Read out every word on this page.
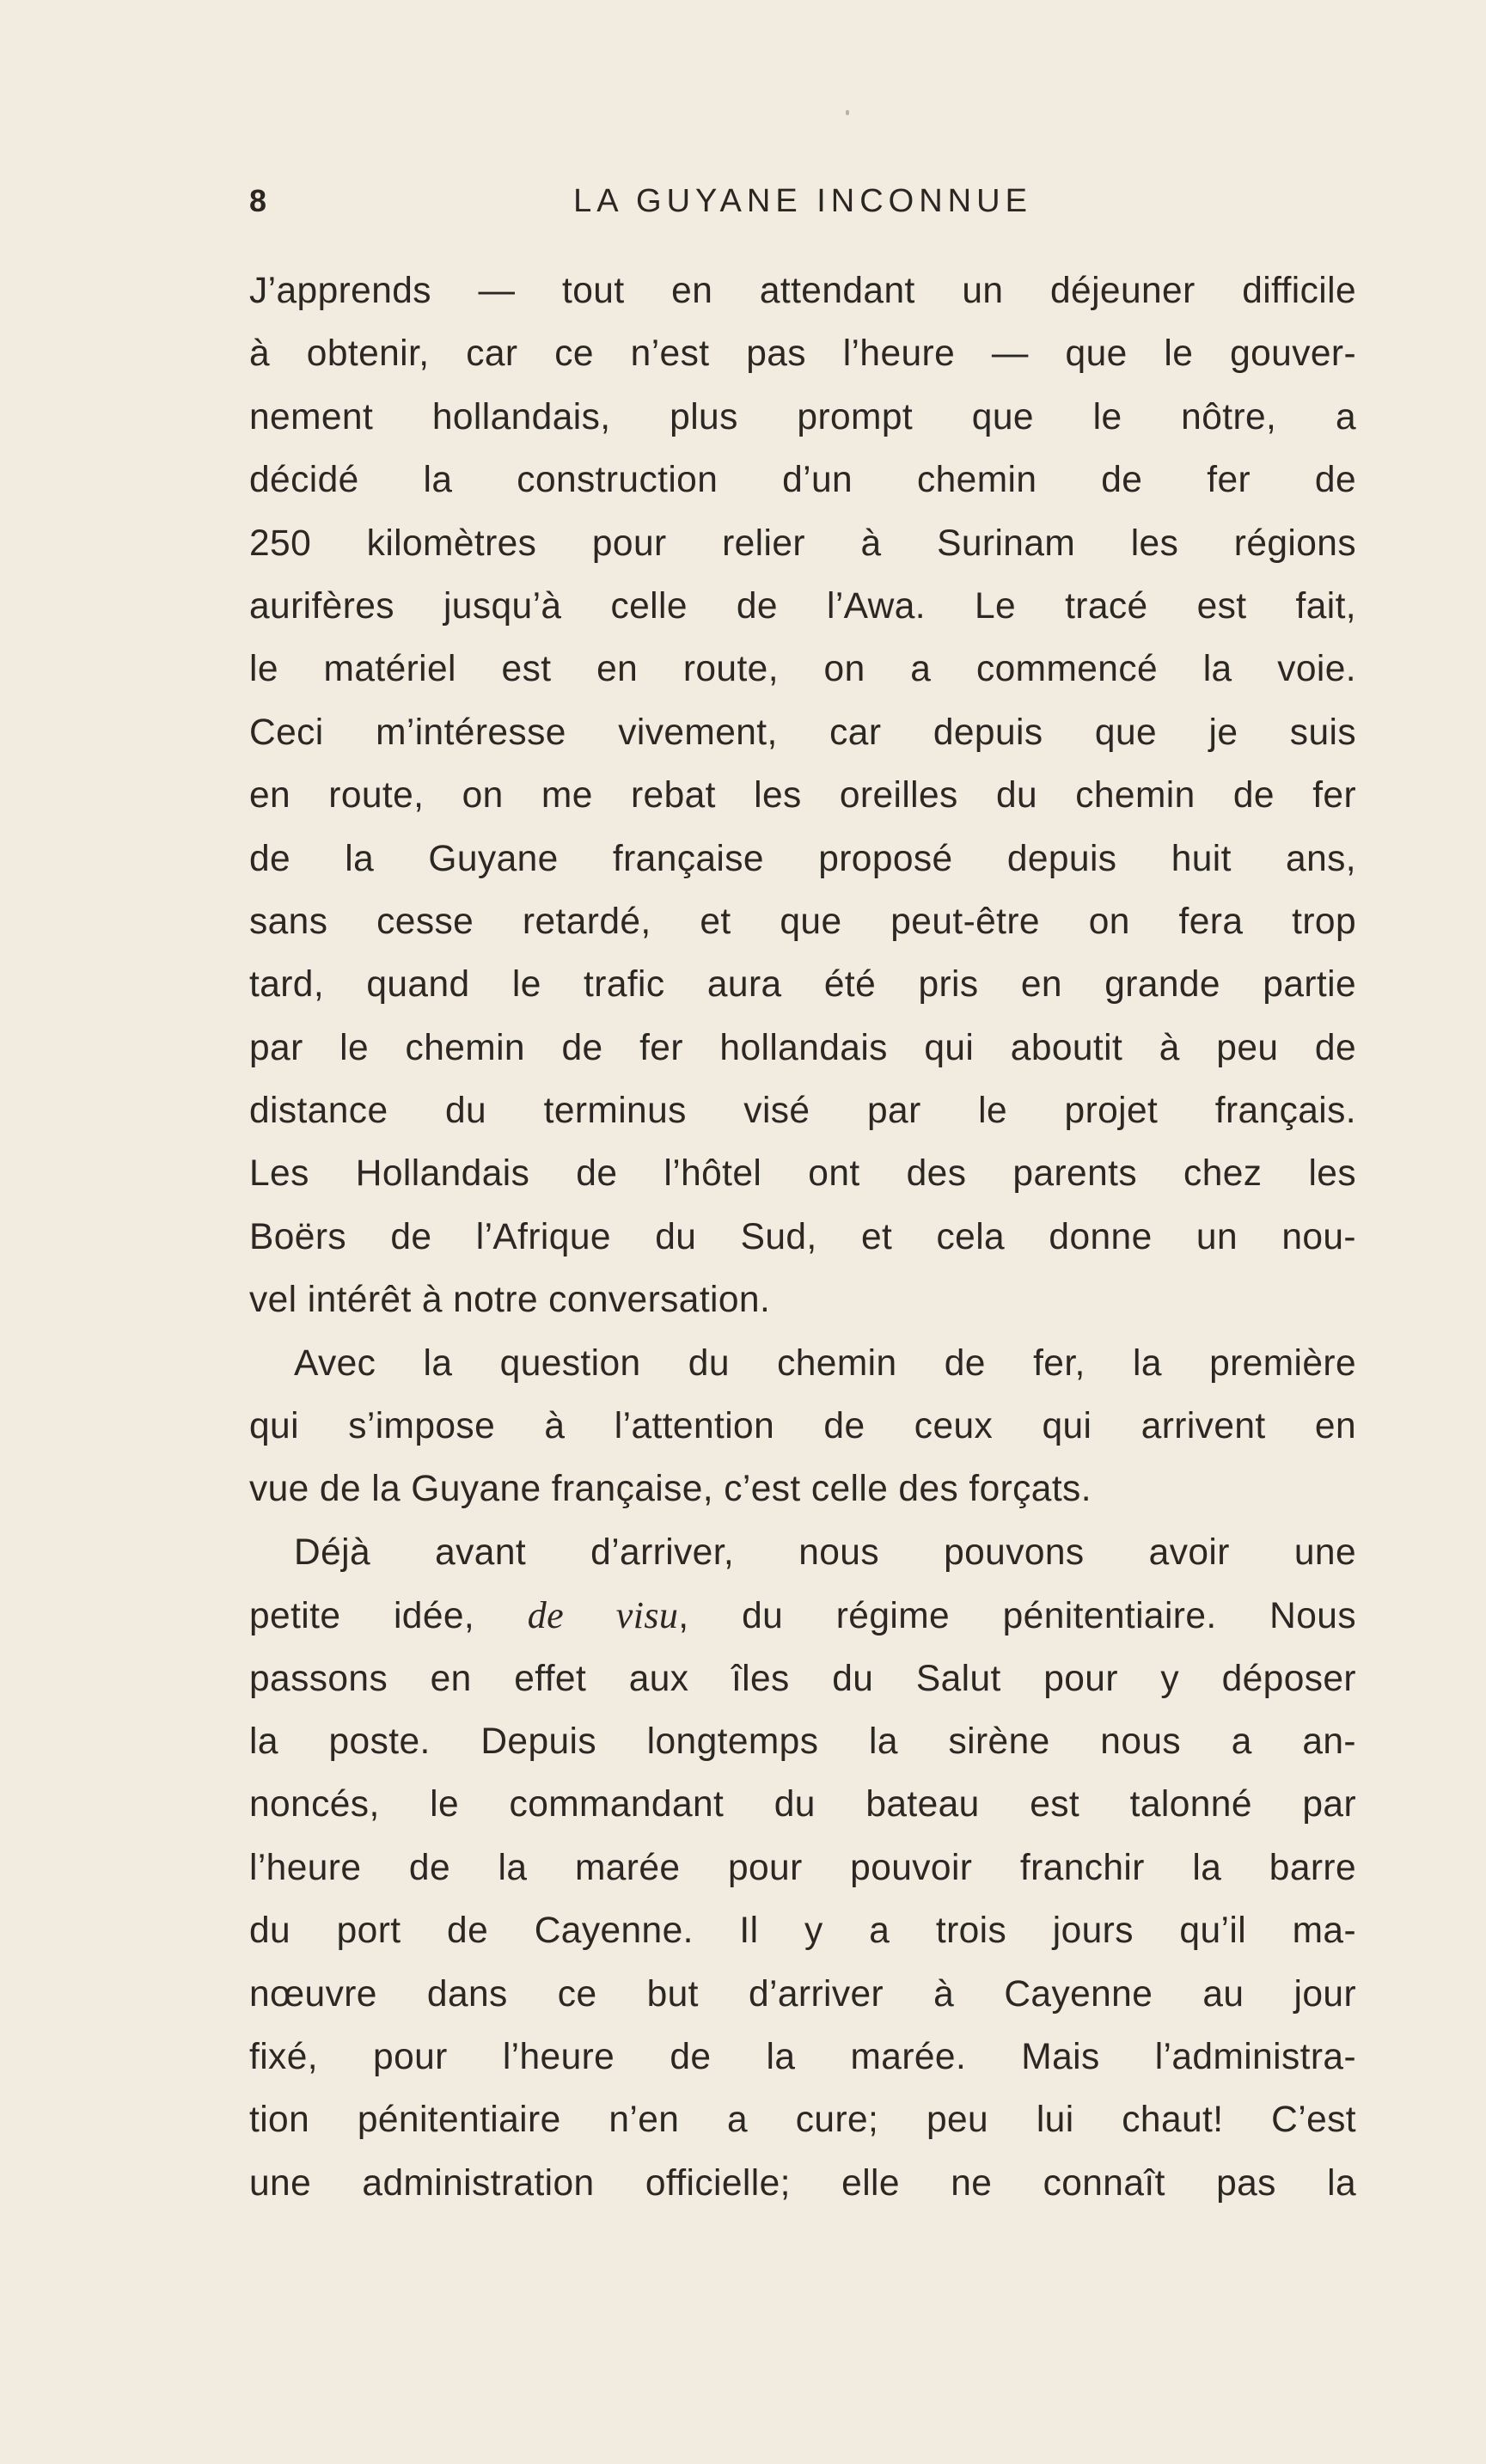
8	LA GUYANE INCONNUE
J’apprends — tout en attendant un déjeuner difficile
à obtenir, car ce n’est pas l’heure — que le gouver-
nement hollandais, plus prompt que le nôtre, a
décidé la construction d’un chemin de fer de
250 kilomètres pour relier à Surinam les régions
aurifères jusqu’à celle de l’Awa. Le tracé est fait,
le matériel est en route, on a commencé la voie.
Ceci m’intéresse vivement, car depuis que je suis
en route, on me rebat les oreilles du chemin de fer
de la Guyane française proposé depuis huit ans,
sans cesse retardé, et que peut-être on fera trop
tard, quand le trafic aura été pris en grande partie
par le chemin de fer hollandais qui aboutit à peu de
distance du terminus visé par le projet français.
Les Hollandais de l’hôtel ont des parents chez les
Boërs de l’Afrique du Sud, et cela donne un nou-
vel intérêt à notre conversation.
Avec la question du chemin de fer, la première
qui s’impose à l’attention de ceux qui arrivent en
vue de la Guyane française, c’est celle des forçats.
Déjà avant d’arriver, nous pouvons avoir une
petite idée, de visu, du régime pénitentiaire. Nous
passons en effet aux îles du Salut pour y déposer
la poste. Depuis longtemps la sirène nous a an-
noncés, le commandant du bateau est talonné par
l’heure de la marée pour pouvoir franchir la barre
du port de Cayenne. Il y a trois jours qu’il ma-
nœuvre dans ce but d’arriver à Cayenne au jour
fixé, pour l’heure de la marée. Mais l’administra-
tion pénitentiaire n’en a cure; peu lui chaut! C’est
une administration officielle; elle ne connaît pas la
